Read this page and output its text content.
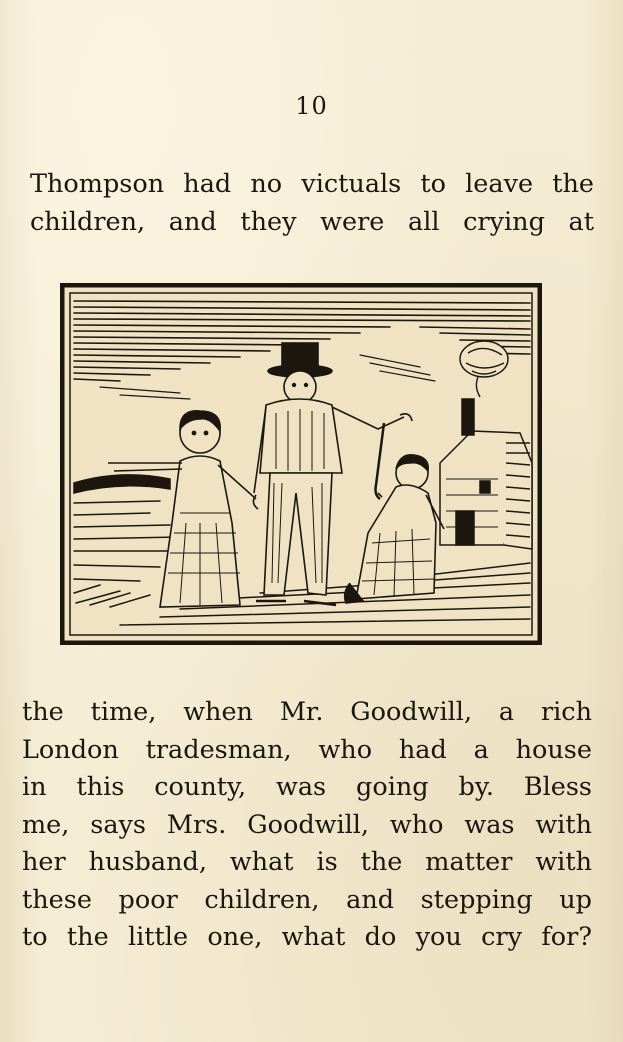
10
Thompson had no victuals to leave the
children, and they were all crying at
the time, when Mr. Goodwill, a rich
London tradesman, who had a house
in this county, was going by. Bless
me, says Mrs. Goodwill, who was with
her husband, what is the matter with
these poor children, and stepping up
to the little one, what do you cry for?
